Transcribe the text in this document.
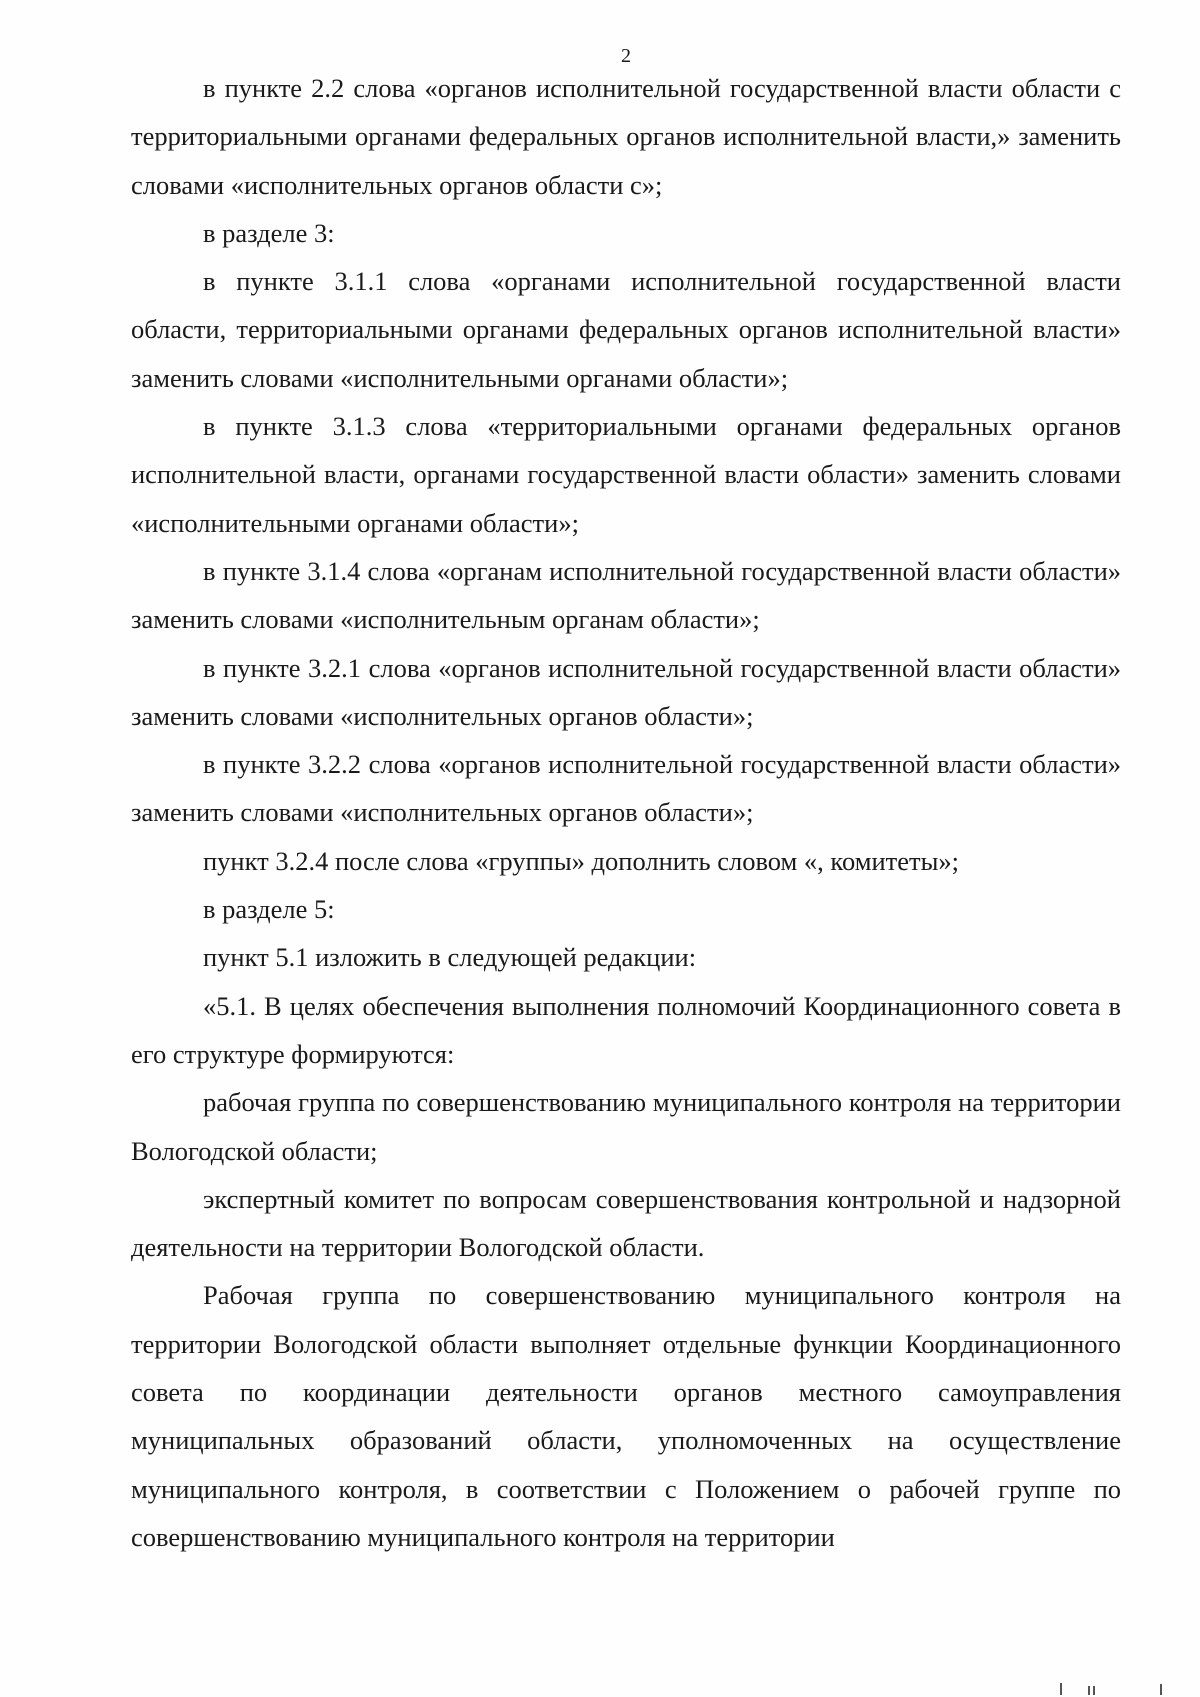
2

в пункте 2.2 слова «органов исполнительной государственной власти области с территориальными органами федеральных органов исполнительной власти,» заменить словами «исполнительных органов области с»;

в разделе 3:

в пункте 3.1.1 слова «органами исполнительной государственной власти области, территориальными органами федеральных органов исполнительной власти» заменить словами «исполнительными органами области»;

в пункте 3.1.3 слова «территориальными органами федеральных органов исполнительной власти, органами государственной власти области» заменить словами «исполнительными органами области»;

в пункте 3.1.4 слова «органам исполнительной государственной власти области» заменить словами «исполнительным органам области»;

в пункте 3.2.1 слова «органов исполнительной государственной власти области» заменить словами «исполнительных органов области»;

в пункте 3.2.2 слова «органов исполнительной государственной власти области» заменить словами «исполнительных органов области»;

пункт 3.2.4 после слова «группы» дополнить словом «, комитеты»;

в разделе 5:

пункт 5.1 изложить в следующей редакции:

«5.1. В целях обеспечения выполнения полномочий Координационного совета в его структуре формируются:

рабочая группа по совершенствованию муниципального контроля на территории Вологодской области;

экспертный комитет по вопросам совершенствования контрольной и надзорной деятельности на территории Вологодской области.

Рабочая группа по совершенствованию муниципального контроля на территории Вологодской области выполняет отдельные функции Координационного совета по координации деятельности органов местного самоуправления муниципальных образований области, уполномоченных на осуществление муниципального контроля, в соответствии с Положением о рабочей группе по совершенствованию муниципального контроля на территории
